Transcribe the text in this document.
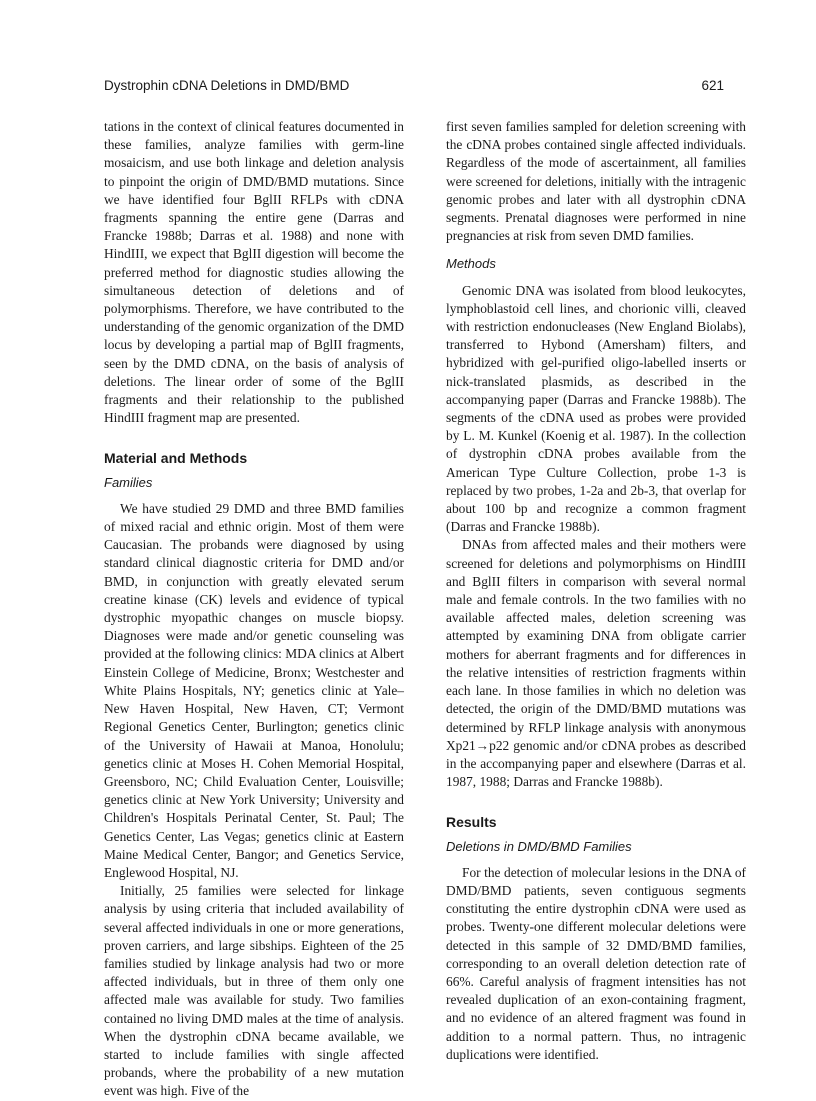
Dystrophin cDNA Deletions in DMD/BMD	621

tations in the context of clinical features documented in these families, analyze families with germ-line mosaicism, and use both linkage and deletion analysis to pinpoint the origin of DMD/BMD mutations. Since we have identified four BglII RFLPs with cDNA fragments spanning the entire gene (Darras and Francke 1988b; Darras et al. 1988) and none with HindIII, we expect that BglII digestion will become the preferred method for diagnostic studies allowing the simultaneous detection of deletions and of polymorphisms. Therefore, we have contributed to the understanding of the genomic organization of the DMD locus by developing a partial map of BglII fragments, seen by the DMD cDNA, on the basis of analysis of deletions. The linear order of some of the BglII fragments and their relationship to the published HindIII fragment map are presented.

Material and Methods
Families

We have studied 29 DMD and three BMD families of mixed racial and ethnic origin. Most of them were Caucasian. The probands were diagnosed by using standard clinical diagnostic criteria for DMD and/or BMD, in conjunction with greatly elevated serum creatine kinase (CK) levels and evidence of typical dystrophic myopathic changes on muscle biopsy. Diagnoses were made and/or genetic counseling was provided at the following clinics: MDA clinics at Albert Einstein College of Medicine, Bronx; Westchester and White Plains Hospitals, NY; genetics clinic at Yale–New Haven Hospital, New Haven, CT; Vermont Regional Genetics Center, Burlington; genetics clinic of the University of Hawaii at Manoa, Honolulu; genetics clinic at Moses H. Cohen Memorial Hospital, Greensboro, NC; Child Evaluation Center, Louisville; genetics clinic at New York University; University and Children's Hospitals Perinatal Center, St. Paul; The Genetics Center, Las Vegas; genetics clinic at Eastern Maine Medical Center, Bangor; and Genetics Service, Englewood Hospital, NJ.

Initially, 25 families were selected for linkage analysis by using criteria that included availability of several affected individuals in one or more generations, proven carriers, and large sibships. Eighteen of the 25 families studied by linkage analysis had two or more affected individuals, but in three of them only one affected male was available for study. Two families contained no living DMD males at the time of analysis. When the dystrophin cDNA became available, we started to include families with single affected probands, where the probability of a new mutation event was high. Five of the

first seven families sampled for deletion screening with the cDNA probes contained single affected individuals. Regardless of the mode of ascertainment, all families were screened for deletions, initially with the intragenic genomic probes and later with all dystrophin cDNA segments. Prenatal diagnoses were performed in nine pregnancies at risk from seven DMD families.

Methods

Genomic DNA was isolated from blood leukocytes, lymphoblastoid cell lines, and chorionic villi, cleaved with restriction endonucleases (New England Biolabs), transferred to Hybond (Amersham) filters, and hybridized with gel-purified oligo-labelled inserts or nick-translated plasmids, as described in the accompanying paper (Darras and Francke 1988b). The segments of the cDNA used as probes were provided by L. M. Kunkel (Koenig et al. 1987). In the collection of dystrophin cDNA probes available from the American Type Culture Collection, probe 1-3 is replaced by two probes, 1-2a and 2b-3, that overlap for about 100 bp and recognize a common fragment (Darras and Francke 1988b).

DNAs from affected males and their mothers were screened for deletions and polymorphisms on HindIII and BglII filters in comparison with several normal male and female controls. In the two families with no available affected males, deletion screening was attempted by examining DNA from obligate carrier mothers for aberrant fragments and for differences in the relative intensities of restriction fragments within each lane. In those families in which no deletion was detected, the origin of the DMD/BMD mutations was determined by RFLP linkage analysis with anonymous Xp21→p22 genomic and/or cDNA probes as described in the accompanying paper and elsewhere (Darras et al. 1987, 1988; Darras and Francke 1988b).

Results
Deletions in DMD/BMD Families

For the detection of molecular lesions in the DNA of DMD/BMD patients, seven contiguous segments constituting the entire dystrophin cDNA were used as probes. Twenty-one different molecular deletions were detected in this sample of 32 DMD/BMD families, corresponding to an overall deletion detection rate of 66%. Careful analysis of fragment intensities has not revealed duplication of an exon-containing fragment, and no evidence of an altered fragment was found in addition to a normal pattern. Thus, no intragenic duplications were identified.
